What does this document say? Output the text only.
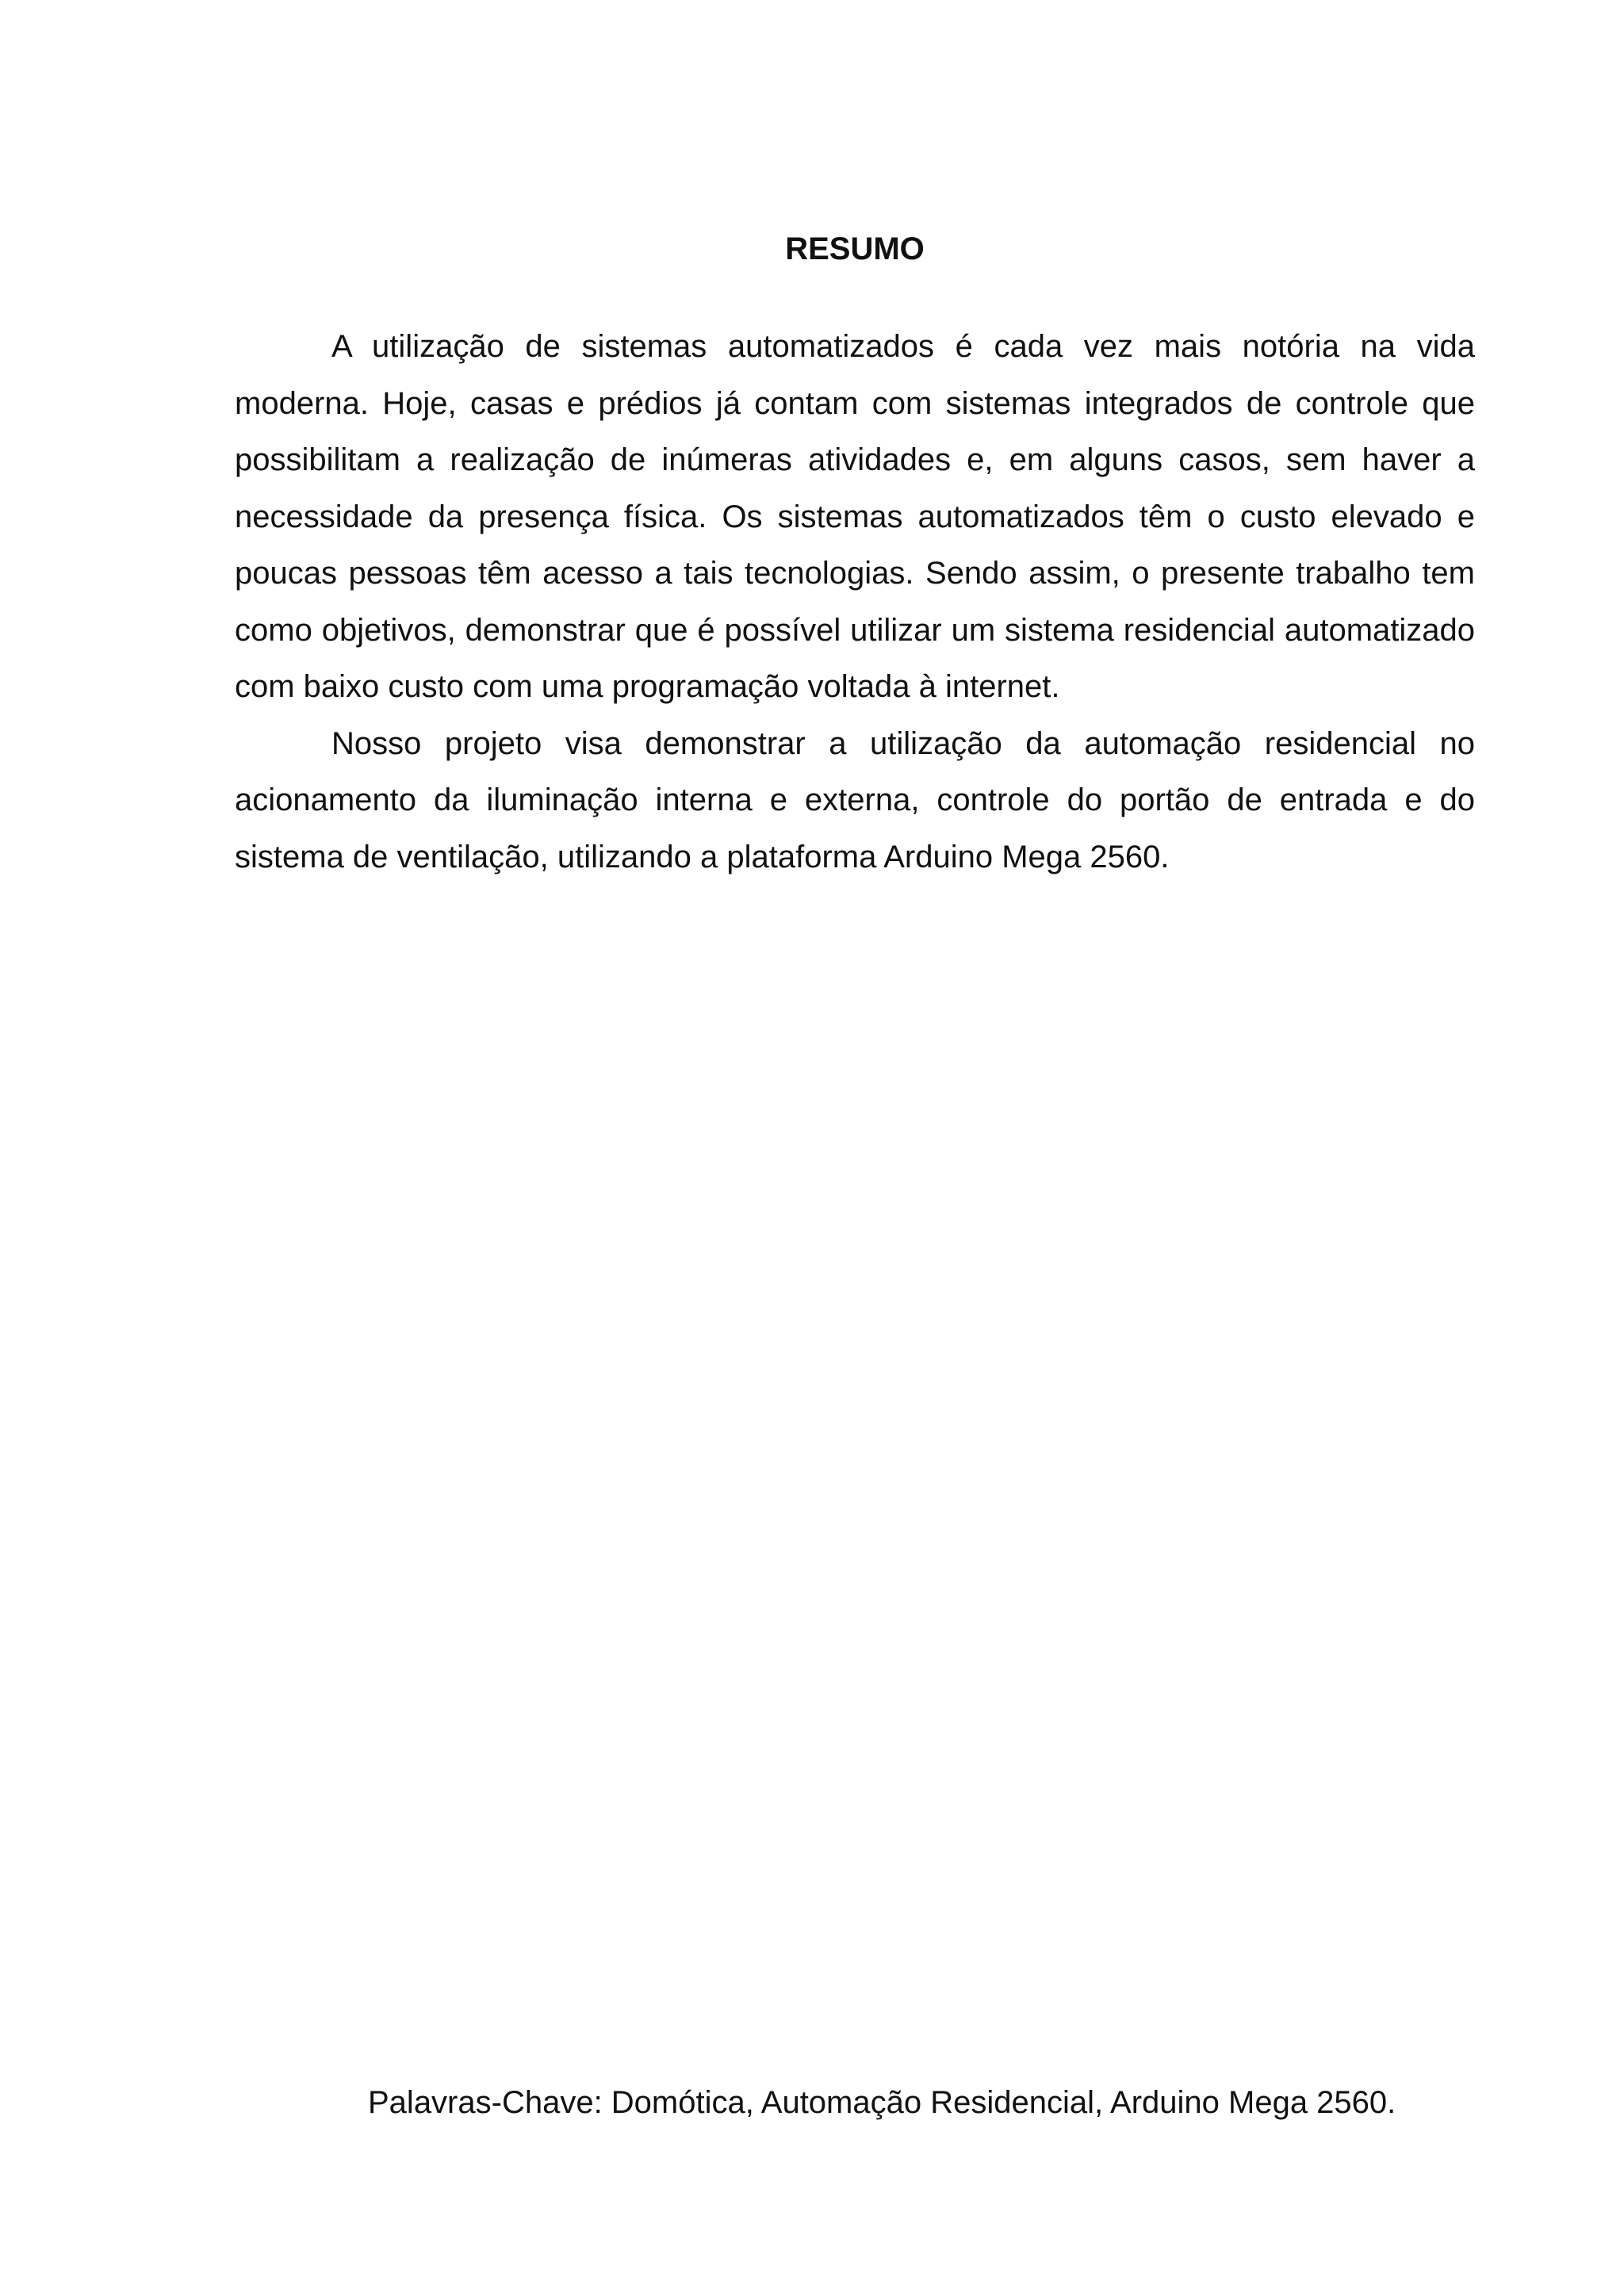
RESUMO

A utilização de sistemas automatizados é cada vez mais notória na vida moderna. Hoje, casas e prédios já contam com sistemas integrados de controle que possibilitam a realização de inúmeras atividades e, em alguns casos, sem haver a necessidade da presença física. Os sistemas automatizados têm o custo elevado e poucas pessoas têm acesso a tais tecnologias. Sendo assim, o presente trabalho tem como objetivos, demonstrar que é possível utilizar um sistema residencial automatizado com baixo custo com uma programação voltada à internet.

Nosso projeto visa demonstrar a utilização da automação residencial no acionamento da iluminação interna e externa, controle do portão de entrada e do sistema de ventilação, utilizando a plataforma Arduino Mega 2560.

Palavras-Chave: Domótica, Automação Residencial, Arduino Mega 2560.
